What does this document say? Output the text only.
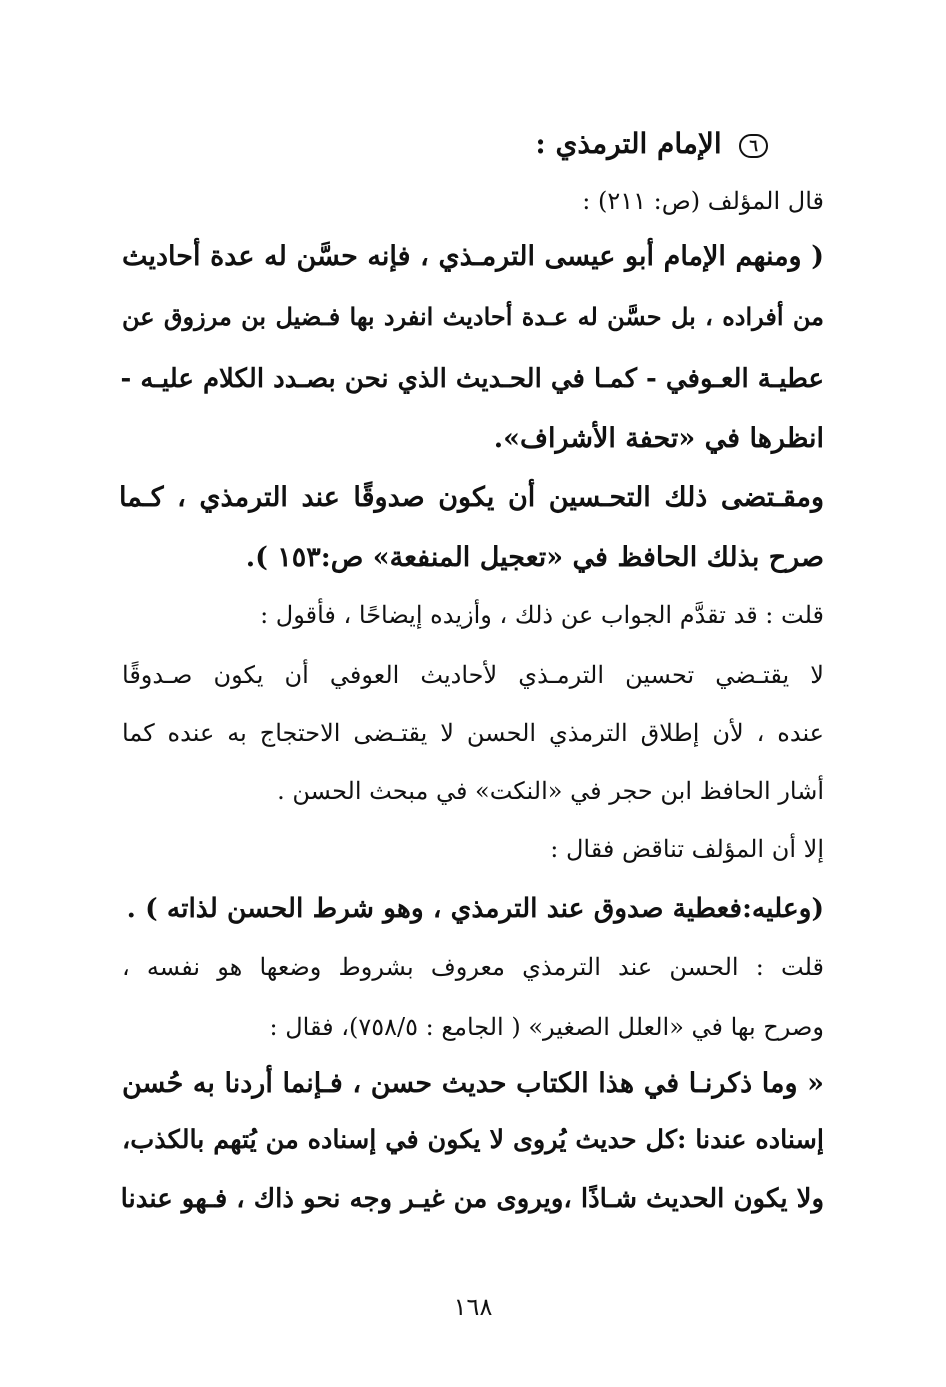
٦ الإمام الترمذي :
قال المؤلف (ص: ٢١١) :
( ومنهم الإمام أبو عيسى الترمـذي ، فإنه حسَّن له عدة أحاديث
من أفراده ، بل حسَّن له عـدة أحاديث انفرد بها فـضيل بن مرزوق عن
عطيـة العـوفي - كمـا في الحـديث الذي نحن بصـدد الكلام عليـه -
انظرها في «تحفة الأشراف».
ومقـتضى ذلك التحـسين أن يكون صدوقًا عند الترمذي ، كـما
صرح بذلك الحافظ في «تعجيل المنفعة» ص:١٥٣ ).
قلت : قد تقدَّم الجواب عن ذلك ، وأزيده إيضاحًا ، فأقول :
لا يقتـضي تحسين الترمـذي لأحاديث العوفي أن يكون صـدوقًا
عنده ، لأن إطلاق الترمذي الحسن لا يقتـضى الاحتجاج به عنده كما
أشار الحافظ ابن حجر في «النكت» في مبحث الحسن .
إلا أن المؤلف تناقض فقال :
(وعليه:فعطية صدوق عند الترمذي ، وهو شرط الحسن لذاته ) .
قلت : الحسن عند الترمذي معروف بشروط وضعها هو نفسه ،
وصرح بها في «العلل الصغير» ( الجامع : ٧٥٨/٥)، فقال :
« وما ذكرنـا في هذا الكتاب حديث حسن ، فـإنما أردنا به حُسن
إسناده عندنا :كل حديث يُروى لا يكون في إسناده من يُتهم بالكذب،
ولا يكون الحديث شـاذًا ،ويروى من غيـر وجه نحو ذاك ، فـهو عندنا
١٦٨
